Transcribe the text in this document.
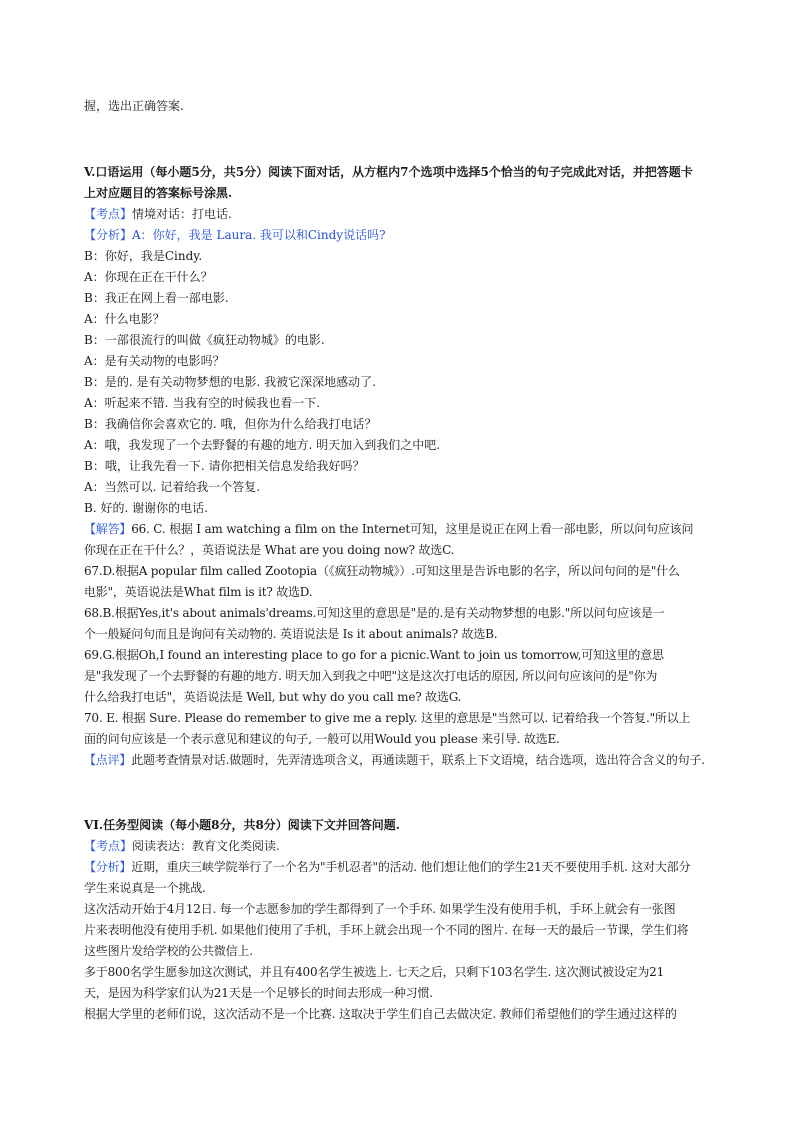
握，选出正确答案.
V.口语运用（每小题5分，共5分）阅读下面对话，从方框内7个选项中选择5个恰当的句子完成此对话，并把答题卡
上对应题目的答案标号涂黑.
【考点】情境对话：打电话.
【分析】A：你好，我是 Laura. 我可以和Cindy说话吗?
B：你好，我是Cindy.
A：你现在正在干什么？
B：我正在网上看一部电影.
A：什么电影？
B：一部很流行的叫做《疯狂动物城》的电影.
A：是有关动物的电影吗？
B：是的. 是有关动物梦想的电影. 我被它深深地感动了.
A：听起来不错. 当我有空的时候我也看一下.
B：我确信你会喜欢它的. 哦，但你为什么给我打电话？
A：哦，我发现了一个去野餐的有趣的地方. 明天加入到我们之中吧.
B：哦，让我先看一下. 请你把相关信息发给我好吗？
A：当然可以. 记着给我一个答复.
B. 好的. 谢谢你的电话.
【解答】66. C. 根据 I am watching a film on the Internet可知，这里是说正在网上看一部电影，所以问句应该问
你现在正在干什么？，英语说法是 What are you doing now? 故选C.
67.D.根据A popular film called Zootopia（《疯狂动物城》）.可知这里是告诉电影的名字，所以问句问的是"什么
电影"，英语说法是What film is it? 故选D.
68.B.根据Yes,it's about animals'dreams.可知这里的意思是"是的.是有关动物梦想的电影."所以问句应该是一
个一般疑问句而且是询问有关动物的. 英语说法是 Is it about animals? 故选B.
69.G.根据Oh,I found an interesting place to go for a picnic.Want to join us tomorrow,可知这里的意思
是"我发现了一个去野餐的有趣的地方. 明天加入到我之中吧"这是这次打电话的原因, 所以问句应该问的是"你为
什么给我打电话"，英语说法是 Well, but why do you call me? 故选G.
70. E. 根据 Sure. Please do remember to give me a reply. 这里的意思是"当然可以. 记着给我一个答复."所以上
面的问句应该是一个表示意见和建议的句子, 一般可以用Would you please 来引导. 故选E.
【点评】此题考查情景对话.做题时，先弄清选项含义，再通读题干，联系上下文语境，结合选项，选出符合含义的句子.
VI.任务型阅读（每小题8分，共8分）阅读下文并回答问题.
【考点】阅读表达：教育文化类阅读.
【分析】近期，重庆三峡学院举行了一个名为"手机忍者"的活动. 他们想让他们的学生21天不要使用手机. 这对大部分
学生来说真是一个挑战.
这次活动开始于4月12日. 每一个志愿参加的学生都得到了一个手环. 如果学生没有使用手机，手环上就会有一张图
片来表明他没有使用手机. 如果他们使用了手机，手环上就会出现一个不同的图片. 在每一天的最后一节课，学生们将
这些图片发给学校的公共微信上.
多于800名学生愿参加这次测试，并且有400名学生被选上. 七天之后，只剩下103名学生. 这次测试被设定为21
天，是因为科学家们认为21天是一个足够长的时间去形成一种习惯.
根据大学里的老师们说，这次活动不是一个比赛. 这取决于学生们自己去做决定. 教师们希望他们的学生通过这样的
